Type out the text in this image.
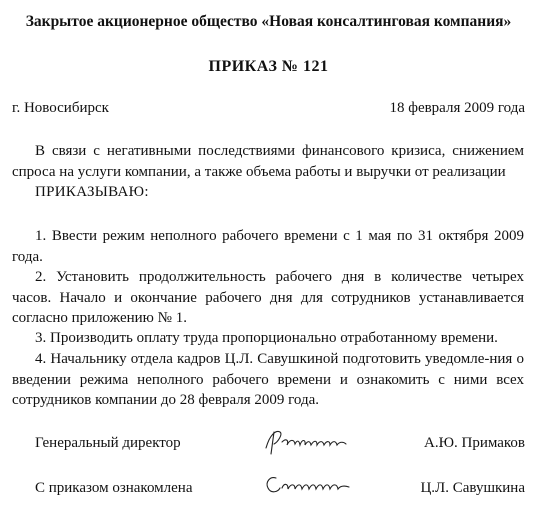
Закрытое акционерное общество «Новая консалтинговая компания»
ПРИКАЗ № 121
г. Новосибирск	18 февраля 2009 года
В связи с негативными последствиями финансового кризиса, снижением спроса на услуги компании, а также объема работы и выручки от реализации
ПРИКАЗЫВАЮ:
1. Ввести режим неполного рабочего времени с 1 мая по 31 октября 2009 года.
2. Установить продолжительность рабочего дня в количестве четырех часов. Начало и окончание рабочего дня для сотрудников устанавливается согласно приложению № 1.
3. Производить оплату труда пропорционально отработанному времени.
4. Начальнику отдела кадров Ц.Л. Савушкиной подготовить уведомле-ния о введении режима неполного рабочего времени и ознакомить с ними всех сотрудников компании до 28 февраля 2009 года.
Генеральный директор	А.Ю. Примаков
С приказом ознакомлена	Ц.Л. Савушкина
